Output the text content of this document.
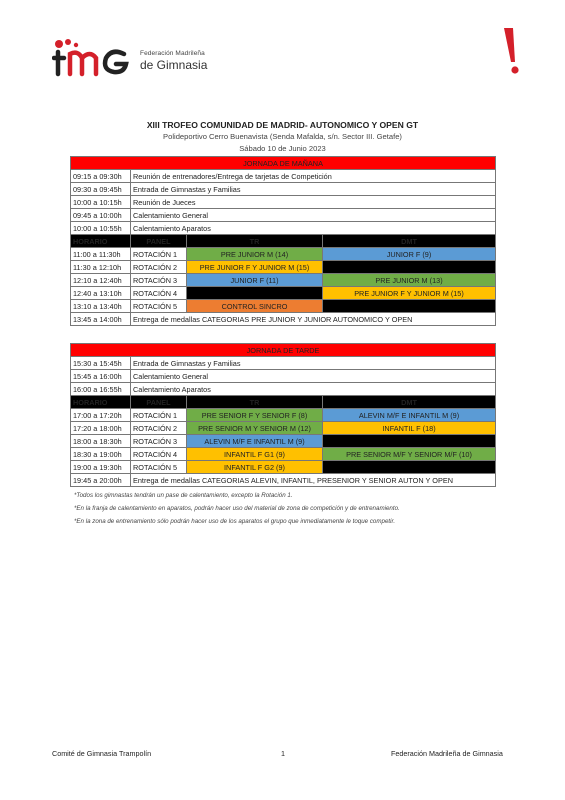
Federación Madrileña
de Gimnasia
XIII TROFEO COMUNIDAD DE MADRID- AUTONOMICO Y OPEN GT
Polideportivo Cerro Buenavista (Senda Mafalda, s/n. Sector III. Getafe)
Sábado 10 de Junio 2023
JORNADA DE MAÑANA			
09:15 a 09:30h	Reunión de entrenadores/Entrega de tarjetas de Competición		
09:30 a 09:45h	Entrada de Gimnastas y Familias		
10:00 a 10:15h	Reunión de Jueces		
09:45 a 10:00h	Calentamiento General		
10:00 a 10:55h	Calentamiento Aparatos		
HORARIO	PANEL	TR	DMT
11:00 a 11:30h	ROTACIÓN 1	PRE JUNIOR M (14)	JUNIOR F (9)
11:30 a 12:10h	ROTACIÓN 2	PRE JUNIOR F Y JUNIOR M (15)	
12:10 a 12:40h	ROTACIÓN 3	JUNIOR F (11)	PRE JUNIOR M (13)
12:40 a 13:10h	ROTACIÓN 4		PRE JUNIOR F Y JUNIOR M (15)
13:10 a 13:40h	ROTACIÓN 5	CONTROL SINCRO	
13:45 a 14:00h	Entrega de medallas CATEGORIAS PRE JUNIOR Y JUNIOR AUTONOMICO Y OPEN		
JORNADA DE TARDE			
15:30 a 15:45h	Entrada de Gimnastas y Familias		
15:45 a 16:00h	Calentamiento General		
16:00 a 16:55h	Calentamiento Aparatos		
HORARIO	PANEL	TR	DMT
17:00 a 17:20h	ROTACIÓN 1	PRE SENIOR F Y SENIOR F (8)	ALEVIN M/F E INFANTIL M (9)
17:20 a 18:00h	ROTACIÓN 2	PRE SENIOR M Y SENIOR M (12)	INFANTIL F (18)
18:00 a 18:30h	ROTACIÓN 3	ALEVIN M/F E INFANTIL M (9)	
18:30 a 19:00h	ROTACIÓN 4	INFANTIL F G1 (9)	PRE SENIOR M/F Y SENIOR M/F (10)
19:00 a 19:30h	ROTACIÓN 5	INFANTIL F G2 (9)	
19:45 a 20:00h	Entrega de medallas CATEGORIAS ALEVIN, INFANTIL, PRESENIOR Y SENIOR AUTON Y OPEN		
*Todos los gimnastas tendrán un pase de calentamiento, excepto la Rotación 1.
*En la franja de calentamiento en aparatos, podrán hacer uso del material de zona de competición y de entrenamiento.
*En la zona de entrenamiento sólo podrán hacer uso de los aparatos el grupo que inmediatamente le toque competir.
Comité de Gimnasia Trampolín	1	Federación Madrileña de Gimnasia
